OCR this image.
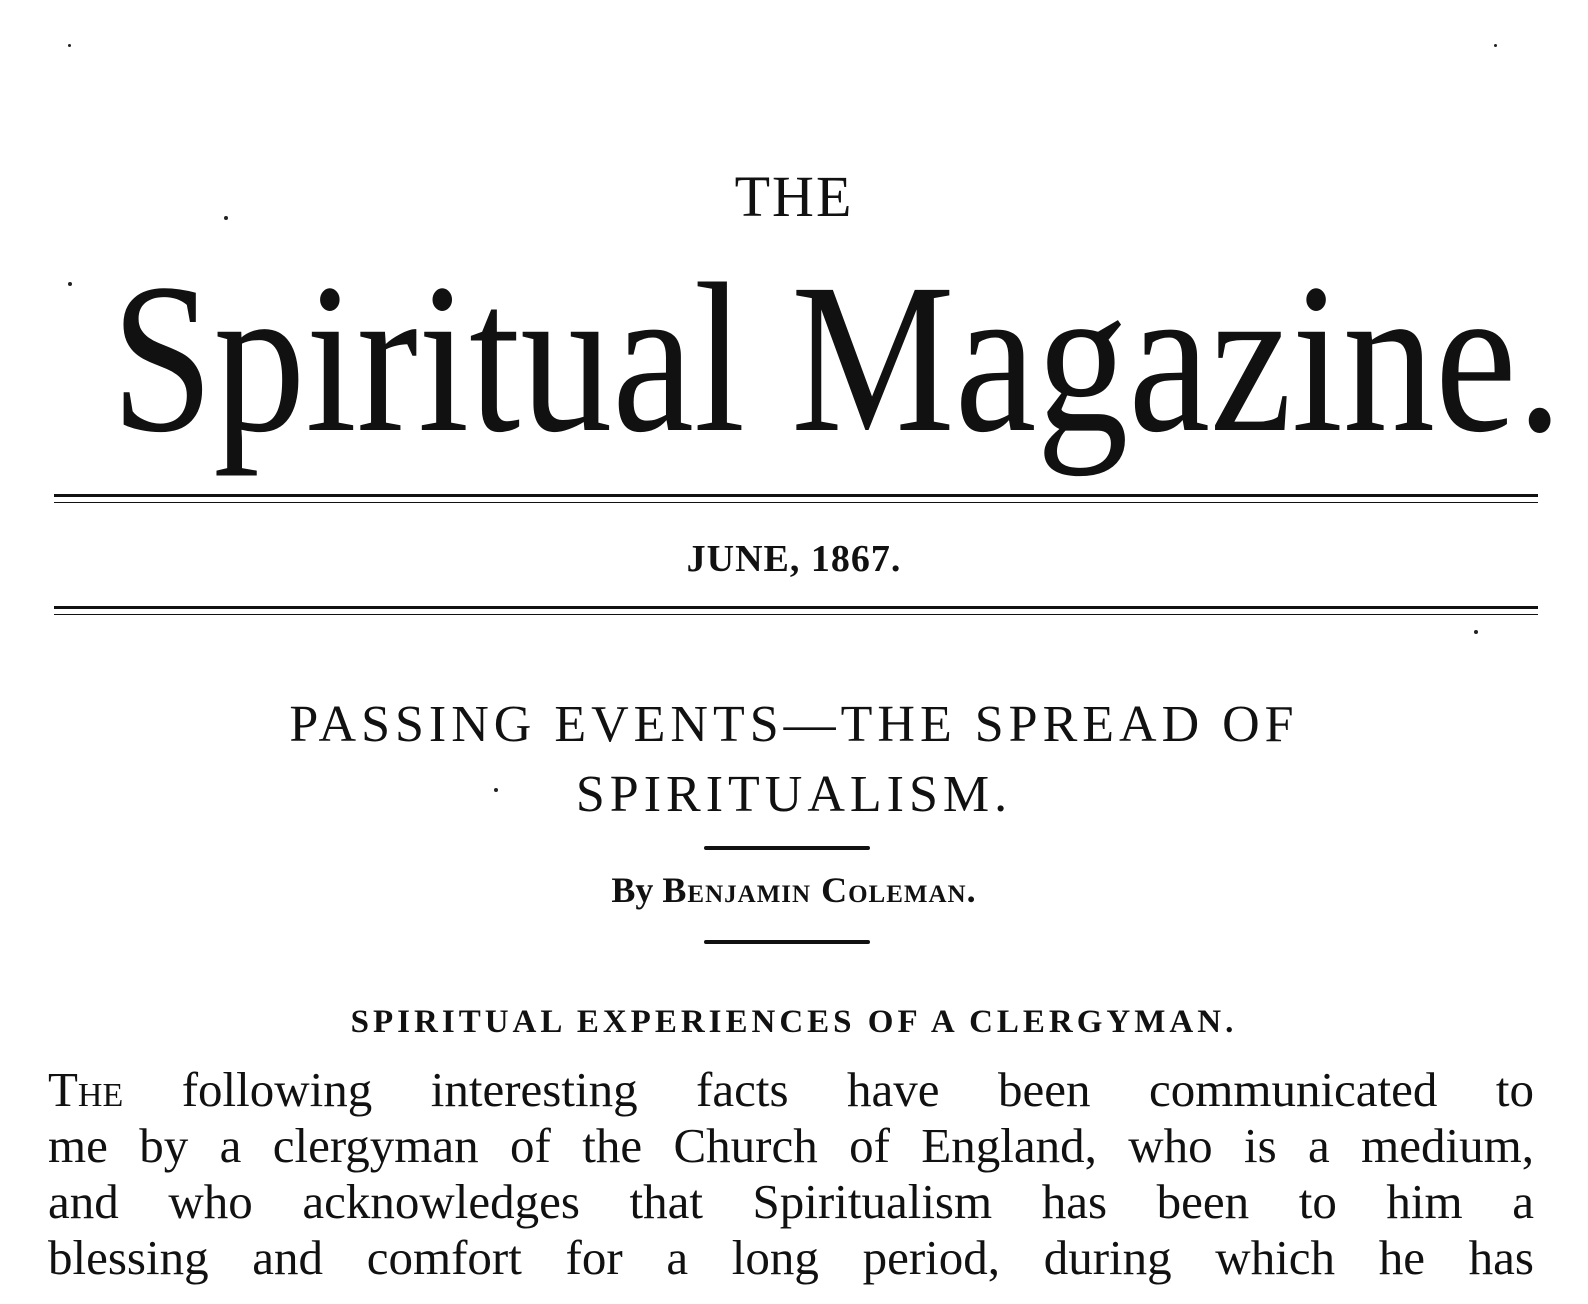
THE
Spiritual Magazine.
JUNE, 1867.
PASSING EVENTS—THE SPREAD OF
SPIRITUALISM.
By Benjamin Coleman.
SPIRITUAL EXPERIENCES OF A CLERGYMAN.
The following interesting facts have been communicated to
me by a clergyman of the Church of England, who is a medium,
and who acknowledges that Spiritualism has been to him a
blessing and comfort for a long period, during which he has
